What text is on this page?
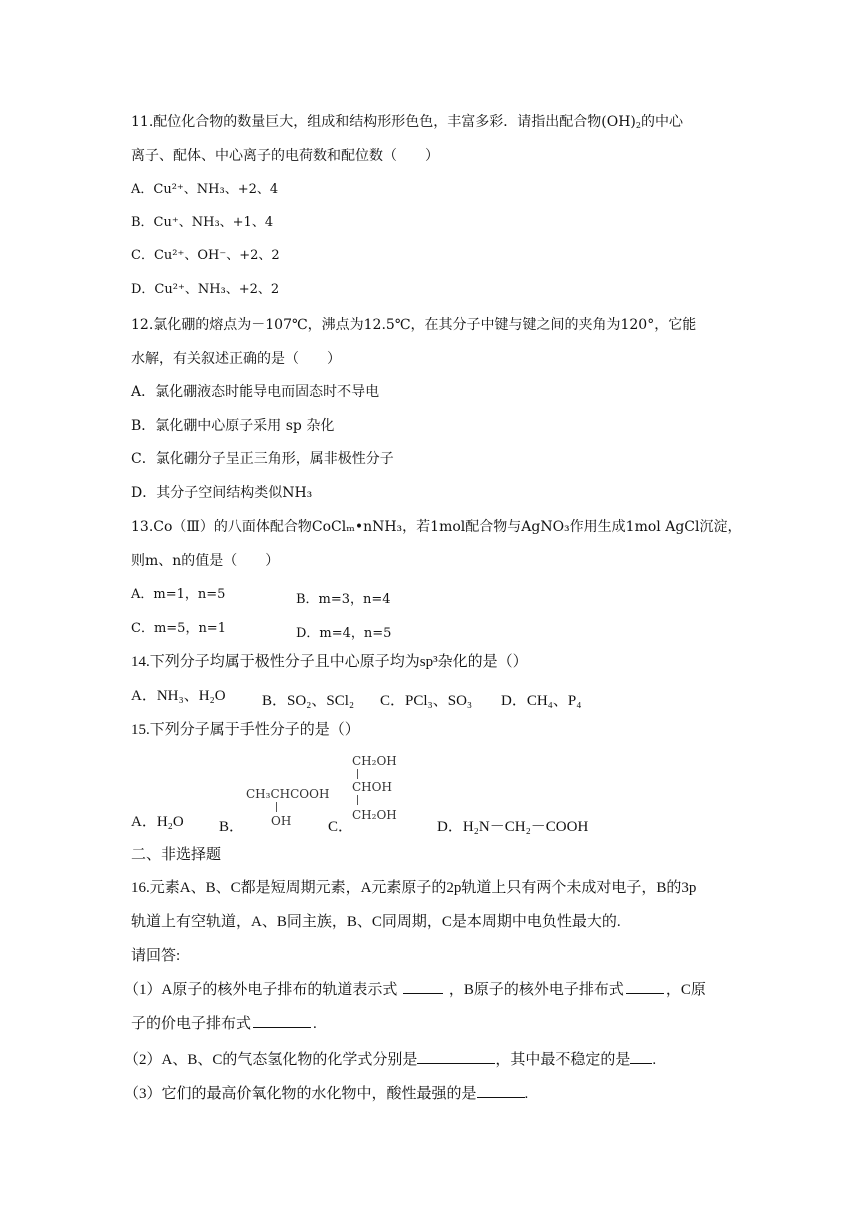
11.配位化合物的数量巨大，组成和结构形形色色，丰富多彩．请指出配合物$(OH)_2$的中心
离子、配体、中心离子的电荷数和配位数（　　）
A．Cu²⁺、NH₃、+2、4
B．Cu⁺、NH₃、+1、4
C．Cu²⁺、OH⁻、+2、2
D．Cu²⁺、NH₃、+2、2
12.氯化硼的熔点为－107℃，沸点为12.5℃，在其分子中键与键之间的夹角为120°，它能
水解，有关叙述正确的是（　　）
A．氯化硼液态时能导电而固态时不导电
B．氯化硼中心原子采用 sp 杂化
C．氯化硼分子呈正三角形，属非极性分子
D．其分子空间结构类似NH₃
13.Co（Ⅲ）的八面体配合物CoClₘ•nNH₃，若1mol配合物与AgNO₃作用生成1mol AgCl沉淀，
则m、n的值是（　　）
A．m=1，n=5	B．m=3，n=4
C．m=5，n=1	D．m=4，n=5
14.下列分子均属于极性分子且中心原子均为sp³杂化的是（）
A．NH₃、H₂O B．SO₂、SCl₂ C．PCl₃、SO₃ D．CH₄、P₄
15.下列分子属于手性分子的是（）
CH₂OH
CHOH
CH₂OH
CH₃CHCOOH
OH
A．H₂O B．	C．	D．H₂N－CH₂－COOH
二、非选择题
16.元素A、B、C都是短周期元素，A元素原子的2p轨道上只有两个未成对电子，B的3p
轨道上有空轨道，A、B同主族，B、C同周期，C是本周期中电负性最大的.
请回答:
（1）A原子的核外电子排布的轨道表示式	，B原子的核外电子排布式	，C原
子的价电子排布式	.
（2）A、B、C的气态氢化物的化学式分别是	，其中最不稳定的是 .
（3）它们的最高价氧化物的水化物中，酸性最强的是	.
